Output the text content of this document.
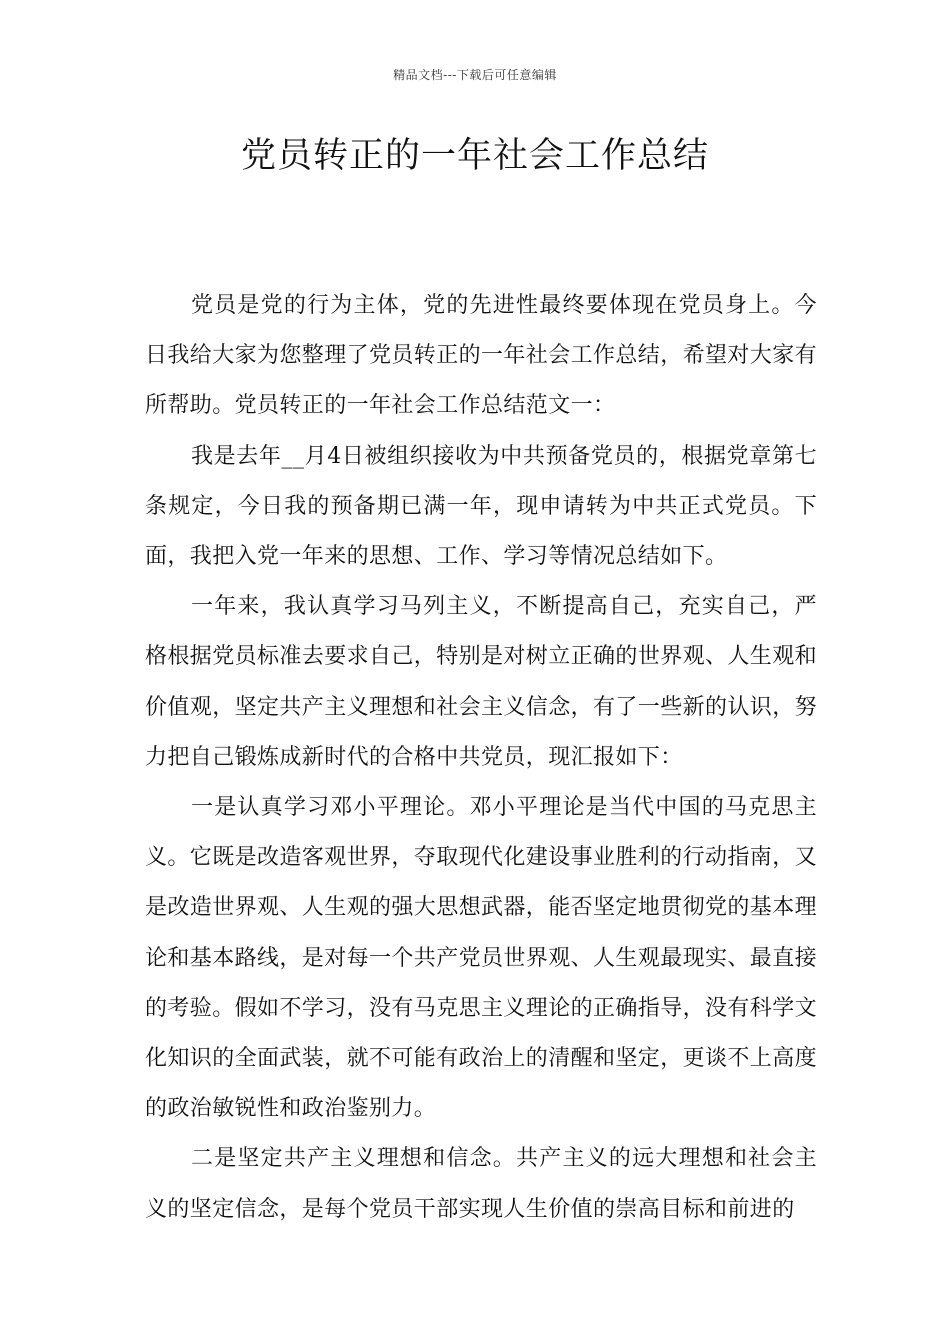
精品文档---下载后可任意编辑
党员转正的一年社会工作总结

党员是党的行为主体，党的先进性最终要体现在党员身上。今日我给大家为您整理了党员转正的一年社会工作总结，希望对大家有所帮助。党员转正的一年社会工作总结范文一：

我是去年__月4日被组织接收为中共预备党员的，根据党章第七条规定，今日我的预备期已满一年，现申请转为中共正式党员。下面，我把入党一年来的思想、工作、学习等情况总结如下。

一年来，我认真学习马列主义，不断提高自己，充实自己，严格根据党员标准去要求自己，特别是对树立正确的世界观、人生观和价值观，坚定共产主义理想和社会主义信念，有了一些新的认识，努力把自己锻炼成新时代的合格中共党员，现汇报如下：

一是认真学习邓小平理论。邓小平理论是当代中国的马克思主义。它既是改造客观世界，夺取现代化建设事业胜利的行动指南，又是改造世界观、人生观的强大思想武器，能否坚定地贯彻党的基本理论和基本路线，是对每一个共产党员世界观、人生观最现实、最直接的考验。假如不学习，没有马克思主义理论的正确指导，没有科学文化知识的全面武装，就不可能有政治上的清醒和坚定，更谈不上高度的政治敏锐性和政治鉴别力。

二是坚定共产主义理想和信念。共产主义的远大理想和社会主义的坚定信念，是每个党员干部实现人生价值的崇高目标和前进的
